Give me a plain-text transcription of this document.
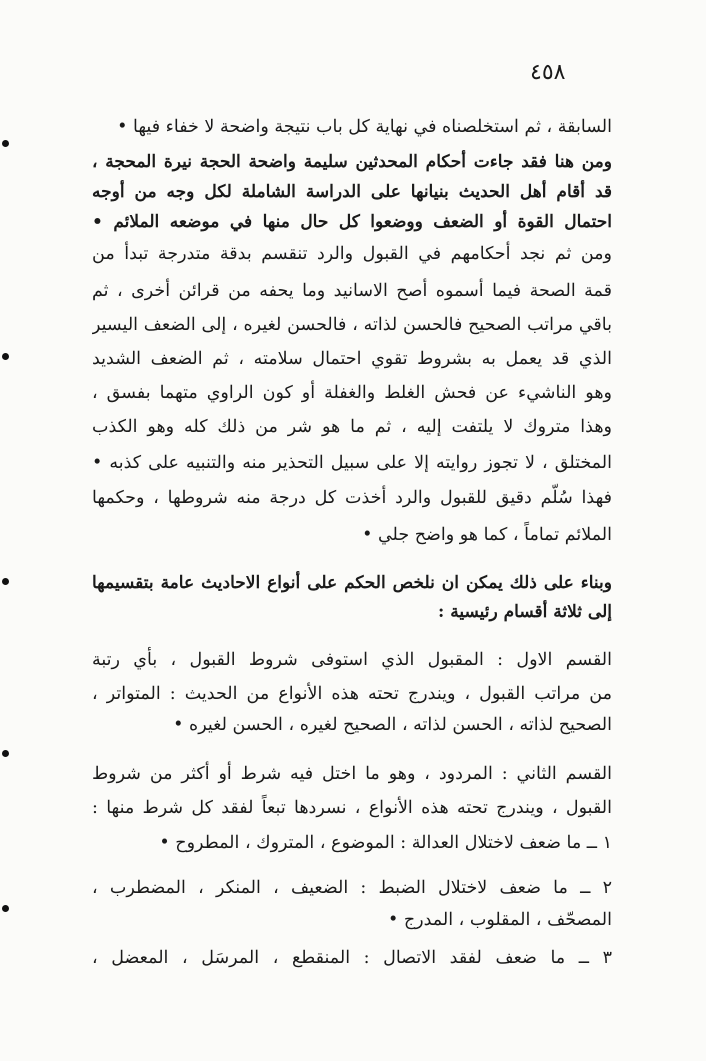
٤٥٨
السابقة ، ثم استخلصناه في نهاية كل باب نتيجة واضحة لا خفاء فيها •
ومن هنا فقد جاءت أحكام المحدثين سليمة واضحة الحجة نيرة المحجة ،
قد أقام أهل الحديث بنيانها على الدراسة الشاملة لكل وجه من أوجه
احتمال القوة أو الضعف ووضعوا كل حال منها في موضعه الملائم •
ومن ثم نجد أحكامهم في القبول والرد تنقسم بدقة متدرجة تبدأ من
قمة الصحة فيما أسموه أصح الاسانيد وما يحفه من قرائن أخرى ، ثم
باقي مراتب الصحيح فالحسن لذاته ، فالحسن لغيره ، إلى الضعف اليسير
الذي قد يعمل به بشروط تقوي احتمال سلامته ، ثم الضعف الشديد
وهو الناشيء عن فحش الغلط والغفلة أو كون الراوي متهما بفسق ،
وهذا متروك لا يلتفت إليه ، ثم ما هو شر من ذلك كله وهو الكذب
المختلق ، لا تجوز روايته إلا على سبيل التحذير منه والتنبيه على كذبه •
فهذا سُلّم دقيق للقبول والرد أخذت كل درجة منه شروطها ، وحكمها
الملائم تماماً ، كما هو واضح جلي •
وبناء على ذلك يمكن ان نلخص الحكم على أنواع الاحاديث عامة بتقسيمها
إلى ثلاثة أقسام رئيسية :
القسم الاول : المقبول الذي استوفى شروط القبول ، بأي رتبة
من مراتب القبول ، ويندرج تحته هذه الأنواع من الحديث : المتواتر ،
الصحيح لذاته ، الحسن لذاته ، الصحيح لغيره ، الحسن لغيره •
القسم الثاني : المردود ، وهو ما اختل فيه شرط أو أكثر من شروط
القبول ، ويندرج تحته هذه الأنواع ، نسردها تبعاً لفقد كل شرط منها :
١ ــ ما ضعف لاختلال العدالة : الموضوع ، المتروك ، المطروح •
٢ ــ ما ضعف لاختلال الضبط : الضعيف ، المنكر ، المضطرب ،
المصحّف ، المقلوب ، المدرج •
٣ ــ ما ضعف لفقد الاتصال : المنقطع ، المرسَل ، المعضل ،
